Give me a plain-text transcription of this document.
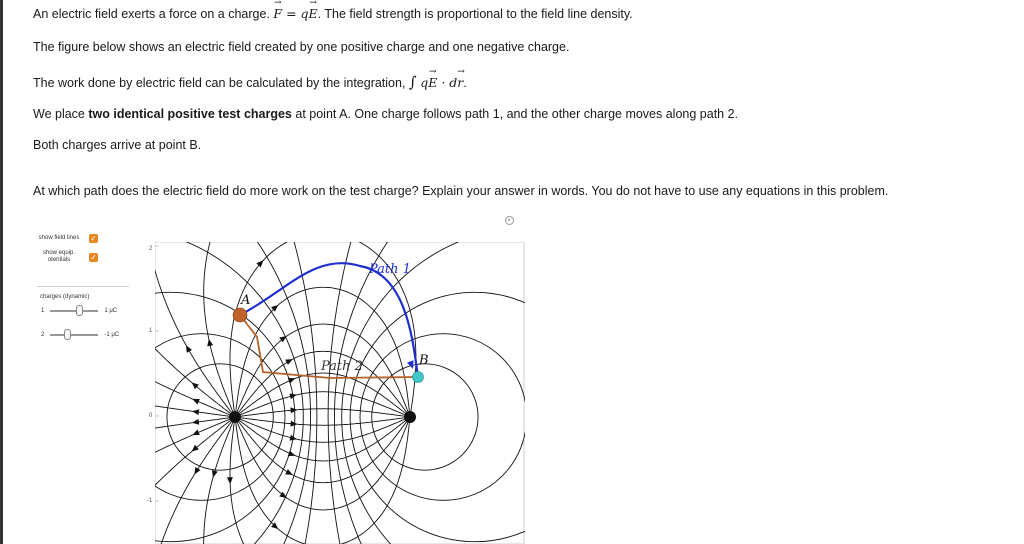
An electric field exerts a force on a charge. → F = q→ E. The field strength is proportional to the field line density.
The figure below shows an electric field created by one positive charge and one negative charge.
The work done by electric field can be calculated by the integration, ∫ q→ E · d→ r.
We place two identical positive test charges at point A. One charge follows path 1, and the other charge moves along path 2.
Both charges arrive at point B.
At which path does the electric field do more work on the test charge? Explain your answer in words. You do not have to use any equations in this problem.
show field lines ✓
show equip. otentials	✓
charges (dynamic)
1	1 μC
2	-1 μC
2
1
0
-1
Path 1
Path 2
A
B
